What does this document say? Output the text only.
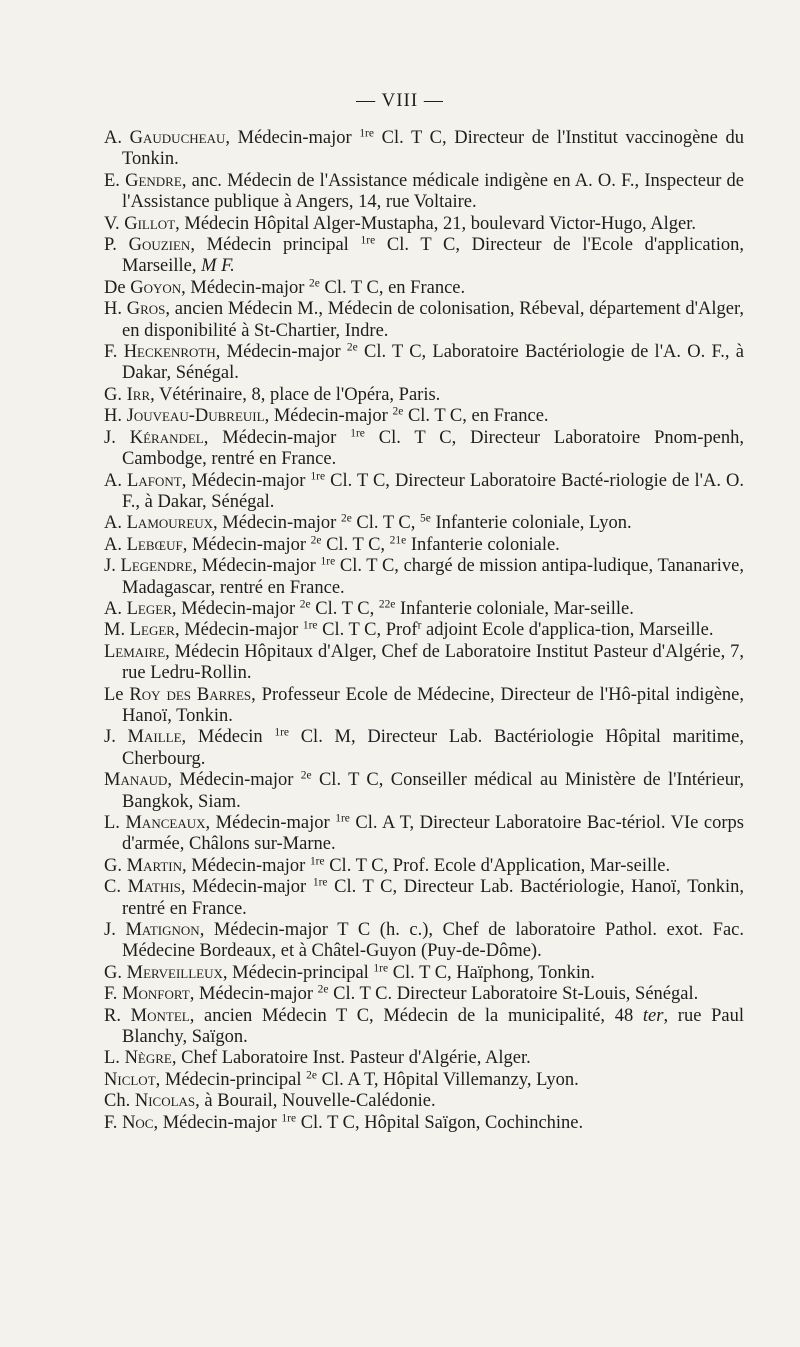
— VIII —
A. Gauducheau, Médecin-major $^{1re}$ Cl. T C, Directeur de l'Institut vaccinogène du Tonkin.
E. Gendre, anc. Médecin de l'Assistance médicale indigène en A. O. F., Inspecteur de l'Assistance publique à Angers, 14, rue Voltaire.
V. Gillot, Médecin Hôpital Alger-Mustapha, 21, boulevard Victor-Hugo, Alger.
P. Gouzien, Médecin principal $^{1re}$ Cl. T C, Directeur de l'Ecole d'application, Marseille, M F.
De Goyon, Médecin-major $^{2e}$ Cl. T C, en France.
H. Gros, ancien Médecin M., Médecin de colonisation, Rébeval, département d'Alger, en disponibilité à St-Chartier, Indre.
F. Heckenroth, Médecin-major $^{2e}$ Cl. T C, Laboratoire Bactériologie de l'A. O. F., à Dakar, Sénégal.
G. Irr, Vétérinaire, 8, place de l'Opéra, Paris.
H. Jouveau-Dubreuil, Médecin-major $^{2e}$ Cl. T C, en France.
J. Kérandel, Médecin-major $^{1re}$ Cl. T C, Directeur Laboratoire Pnom-penh, Cambodge, rentré en France.
A. Lafont, Médecin-major $^{1re}$ Cl. T C, Directeur Laboratoire Bacté-riologie de l'A. O. F., à Dakar, Sénégal.
A. Lamoureux, Médecin-major $^{2e}$ Cl. T C, $^{5e}$ Infanterie coloniale, Lyon.
A. Lebœuf, Médecin-major $^{2e}$ Cl. T C, $^{21e}$ Infanterie coloniale.
J. Legendre, Médecin-major $^{1re}$ Cl. T C, chargé de mission antipa-ludique, Tananarive, Madagascar, rentré en France.
A. Leger, Médecin-major $^{2e}$ Cl. T C, $^{22e}$ Infanterie coloniale, Mar-seille.
M. Leger, Médecin-major $^{1re}$ Cl. T C, Prof$^r$ adjoint Ecole d'applica-tion, Marseille.
Lemaire, Médecin Hôpitaux d'Alger, Chef de Laboratoire Institut Pasteur d'Algérie, 7, rue Ledru-Rollin.
Le Roy des Barres, Professeur Ecole de Médecine, Directeur de l'Hô-pital indigène, Hanoï, Tonkin.
J. Maille, Médecin $^{1re}$ Cl. M, Directeur Lab. Bactériologie Hôpital maritime, Cherbourg.
Manaud, Médecin-major $^{2e}$ Cl. T C, Conseiller médical au Ministère de l'Intérieur, Bangkok, Siam.
L. Manceaux, Médecin-major $^{1re}$ Cl. A T, Directeur Laboratoire Bac-tériol. VIe corps d'armée, Châlons sur-Marne.
G. Martin, Médecin-major $^{1re}$ Cl. T C, Prof. Ecole d'Application, Mar-seille.
C. Mathis, Médecin-major $^{1re}$ Cl. T C, Directeur Lab. Bactériologie, Hanoï, Tonkin, rentré en France.
J. Matignon, Médecin-major T C (h. c.), Chef de laboratoire Pathol. exot. Fac. Médecine Bordeaux, et à Châtel-Guyon (Puy-de-Dôme).
G. Merveilleux, Médecin-principal $^{1re}$ Cl. T C, Haïphong, Tonkin.
F. Monfort, Médecin-major $^{2e}$ Cl. T C. Directeur Laboratoire St-Louis, Sénégal.
R. Montel, ancien Médecin T C, Médecin de la municipalité, 48 ter, rue Paul Blanchy, Saïgon.
L. Nègre, Chef Laboratoire Inst. Pasteur d'Algérie, Alger.
Niclot, Médecin-principal $^{2e}$ Cl. A T, Hôpital Villemanzy, Lyon.
Ch. Nicolas, à Bourail, Nouvelle-Calédonie.
F. Noc, Médecin-major $^{1re}$ Cl. T C, Hôpital Saïgon, Cochinchine.
